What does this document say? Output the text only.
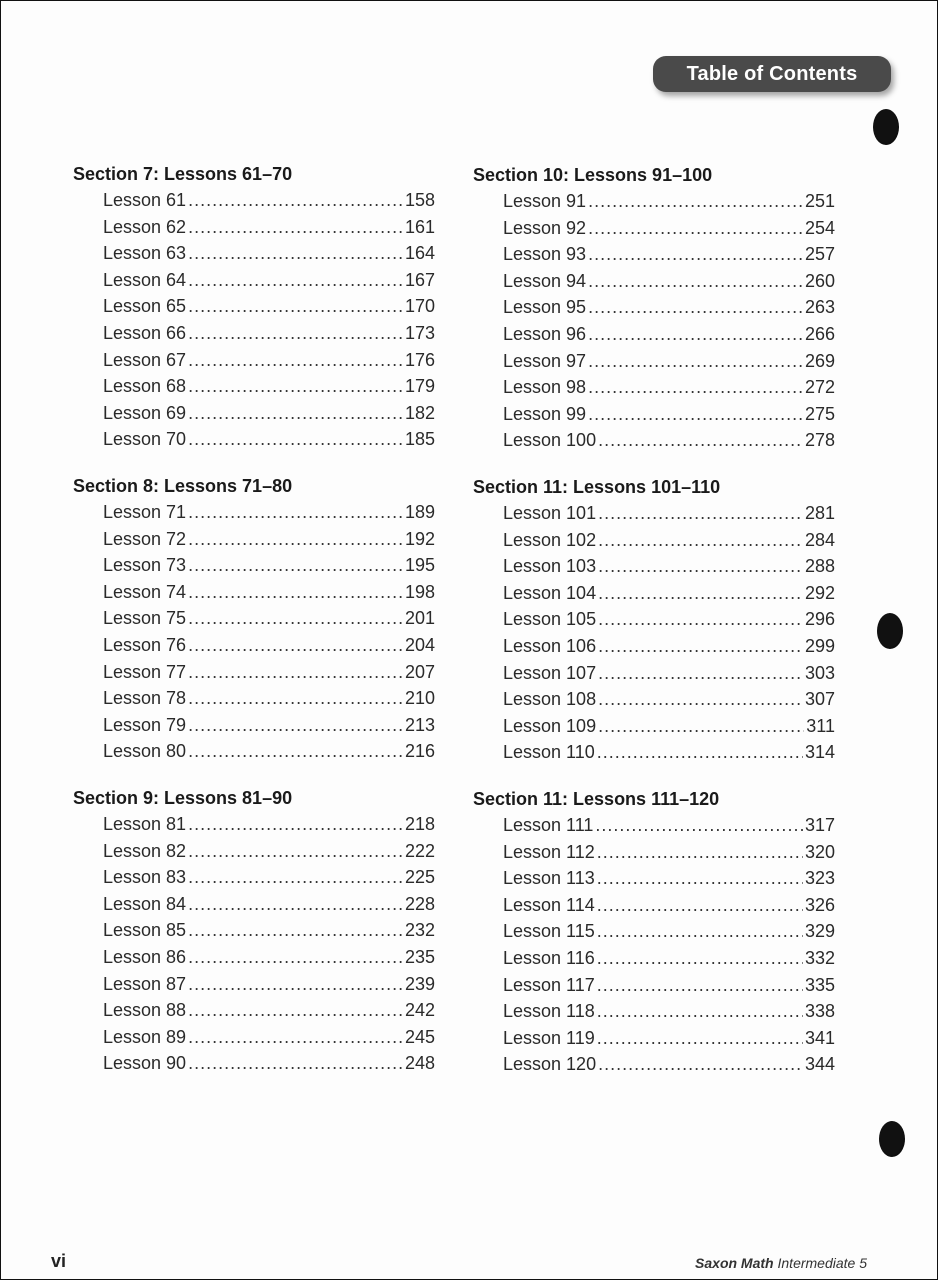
Table of Contents
Section 7: Lessons 61–70
Lesson 61 .....	158
Lesson 62 .....	161
Lesson 63 .....	164
Lesson 64 .....	167
Lesson 65 .....	170
Lesson 66 .....	173
Lesson 67 .....	176
Lesson 68 .....	179
Lesson 69 .....	182
Lesson 70 .....	185
Section 8: Lessons 71–80
Lesson 71 .....	189
Lesson 72 .....	192
Lesson 73 .....	195
Lesson 74 .....	198
Lesson 75 .....	201
Lesson 76 .....	204
Lesson 77 .....	207
Lesson 78 .....	210
Lesson 79 .....	213
Lesson 80 .....	216
Section 9: Lessons 81–90
Lesson 81 .....	218
Lesson 82 .....	222
Lesson 83 .....	225
Lesson 84 .....	228
Lesson 85 .....	232
Lesson 86 .....	235
Lesson 87 .....	239
Lesson 88 .....	242
Lesson 89 .....	245
Lesson 90 .....	248
Section 10: Lessons 91–100
Lesson 91 .....	251
Lesson 92 .....	254
Lesson 93 .....	257
Lesson 94 .....	260
Lesson 95 .....	263
Lesson 96 .....	266
Lesson 97 .....	269
Lesson 98 .....	272
Lesson 99 .....	275
Lesson 100 .....	278
Section 11: Lessons 101–110
Lesson 101 .....	281
Lesson 102 .....	284
Lesson 103 .....	288
Lesson 104 .....	292
Lesson 105 .....	296
Lesson 106 .....	299
Lesson 107 .....	303
Lesson 108 .....	307
Lesson 109 .....	311
Lesson 110 .....	314
Section 11: Lessons 111–120
Lesson 111 .....	317
Lesson 112 .....	320
Lesson 113 .....	323
Lesson 114 .....	326
Lesson 115 .....	329
Lesson 116 .....	332
Lesson 117 .....	335
Lesson 118 .....	338
Lesson 119 .....	341
Lesson 120 .....	344
vi	Saxon Math Intermediate 5
